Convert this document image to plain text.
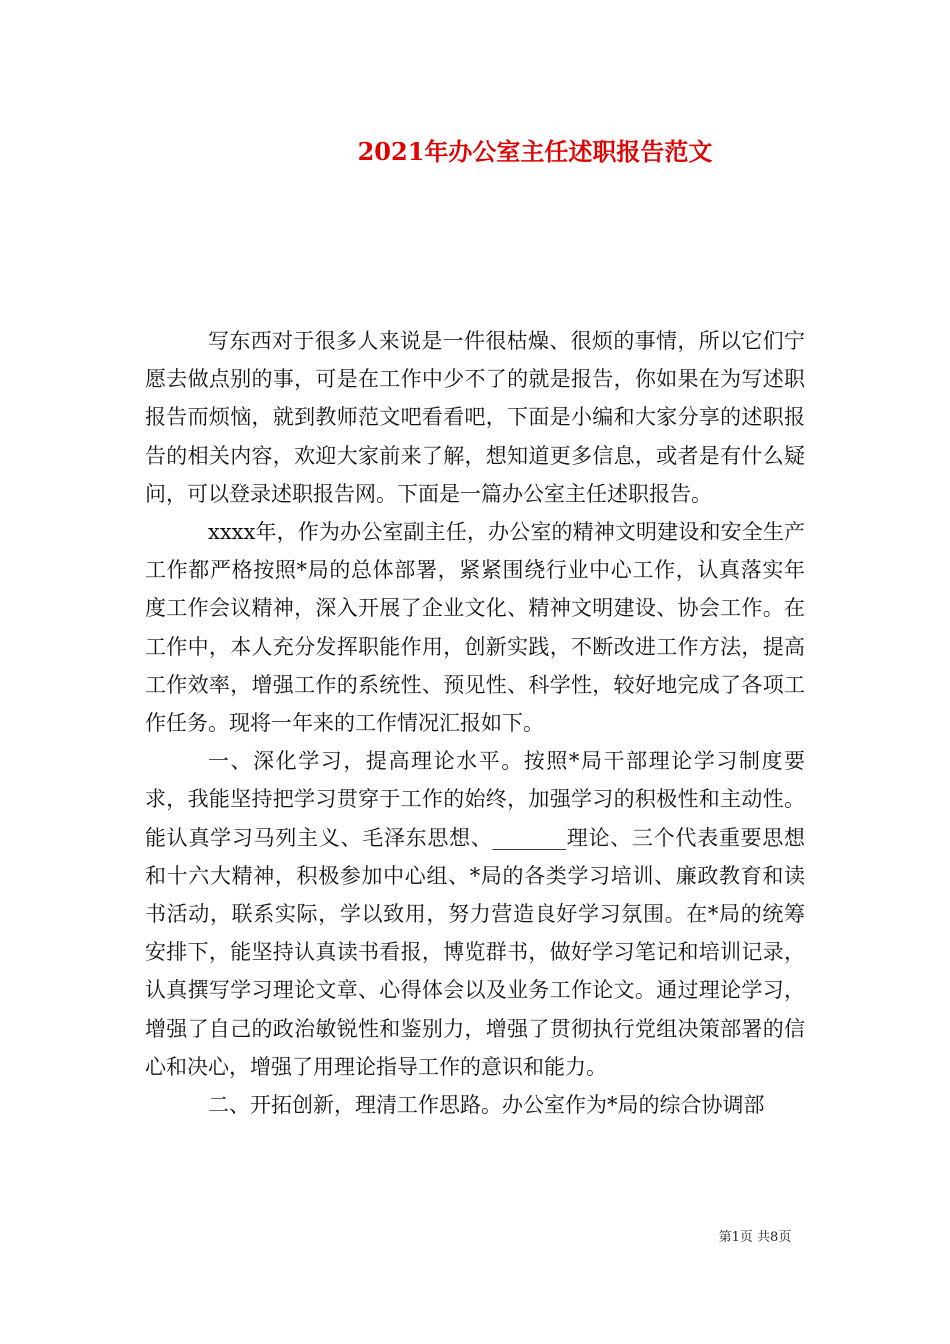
2021年办公室主任述职报告范文

写东西对于很多人来说是一件很枯燥、很烦的事情，所以它们宁愿去做点别的事，可是在工作中少不了的就是报告，你如果在为写述职报告而烦恼，就到教师范文吧看看吧，下面是小编和大家分享的述职报告的相关内容，欢迎大家前来了解，想知道更多信息，或者是有什么疑问，可以登录述职报告网。下面是一篇办公室主任述职报告。

xxxx年，作为办公室副主任，办公室的精神文明建设和安全生产工作都严格按照*局的总体部署，紧紧围绕行业中心工作，认真落实年度工作会议精神，深入开展了企业文化、精神文明建设、协会工作。在工作中，本人充分发挥职能作用，创新实践，不断改进工作方法，提高工作效率，增强工作的系统性、预见性、科学性，较好地完成了各项工作任务。现将一年来的工作情况汇报如下。

一、深化学习，提高理论水平。按照*局干部理论学习制度要求，我能坚持把学习贯穿于工作的始终，加强学习的积极性和主动性。能认真学习马列主义、毛泽东思想、_______理论、三个代表重要思想和十六大精神，积极参加中心组、*局的各类学习培训、廉政教育和读书活动，联系实际，学以致用，努力营造良好学习氛围。在*局的统筹安排下，能坚持认真读书看报，博览群书，做好学习笔记和培训记录，认真撰写学习理论文章、心得体会以及业务工作论文。通过理论学习，增强了自己的政治敏锐性和鉴别力，增强了贯彻执行党组决策部署的信心和决心，增强了用理论指导工作的意识和能力。

二、开拓创新，理清工作思路。办公室作为*局的综合协调部

第1页 共8页
